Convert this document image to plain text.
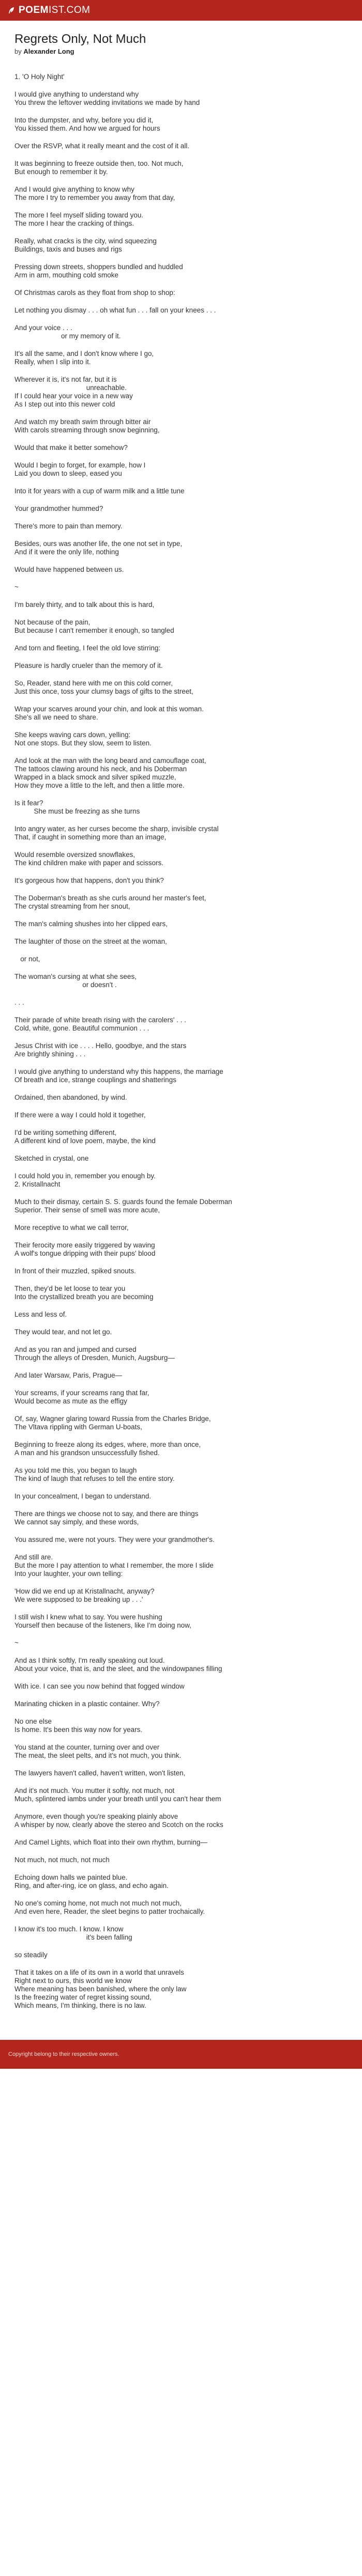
POEM IST.COM
Regrets Only, Not Much
by Alexander Long

1. 'O Holy Night'

I would give anything to understand why
You threw the leftover wedding invitations we made by hand

Into the dumpster, and why, before you did it,
You kissed them. And how we argued for hours

Over the RSVP, what it really meant and the cost of it all.

It was beginning to freeze outside then, too. Not much,
But enough to remember it by.

And I would give anything to know why
The more I try to remember you away from that day,

The more I feel myself sliding toward you.
The more I hear the cracking of things.

Really, what cracks is the city, wind squeezing
Buildings, taxis and buses and rigs

Pressing down streets, shoppers bundled and huddled
Arm in arm, mouthing cold smoke

Of Christmas carols as they float from shop to shop:

Let nothing you dismay . . . oh what fun . . . fall on your knees . . .

And your voice . . .
or my memory of it.

It's all the same, and I don't know where I go,
Really, when I slip into it.

Wherever it is, it's not far, but it is
unreachable.
If I could hear your voice in a new way
As I step out into this newer cold

And watch my breath swim through bitter air
With carols streaming through snow beginning,

Would that make it better somehow?

Would I begin to forget, for example, how I
Laid you down to sleep, eased you

Into it for years with a cup of warm milk and a little tune

Your grandmother hummed?

There's more to pain than memory.

Besides, ours was another life, the one not set in type,
And if it were the only life, nothing

Would have happened between us.

~

I'm barely thirty, and to talk about this is hard,

Not because of the pain,
But because I can't remember it enough, so tangled

And torn and fleeting, I feel the old love stirring:

Pleasure is hardly crueler than the memory of it.

So, Reader, stand here with me on this cold corner,
Just this once, toss your clumsy bags of gifts to the street,

Wrap your scarves around your chin, and look at this woman.
She's all we need to share.

She keeps waving cars down, yelling:
Not one stops. But they slow, seem to listen.

And look at the man with the long beard and camouflage coat,
The tattoos clawing around his neck, and his Doberman
Wrapped in a black smock and silver spiked muzzle,
How they move a little to the left, and then a little more.

Is it fear?
She must be freezing as she turns

Into angry water, as her curses become the sharp, invisible crystal
That, if caught in something more than an image,

Would resemble oversized snowflakes,
The kind children make with paper and scissors.

It's gorgeous how that happens, don't you think?

The Doberman's breath as she curls around her master's feet,
The crystal streaming from her snout,

The man's calming shushes into her clipped ears,

The laughter of those on the street at the woman,

or not,

The woman's cursing at what she sees,
or doesn't .

. . .

Their parade of white breath rising with the carolers' . . .
Cold, white, gone. Beautiful communion . . .

Jesus Christ with ice . . . . Hello, goodbye, and the stars
Are brightly shining . . .

I would give anything to understand why this happens, the marriage
Of breath and ice, strange couplings and shatterings

Ordained, then abandoned, by wind.

If there were a way I could hold it together,

I'd be writing something different,
A different kind of love poem, maybe, the kind

Sketched in crystal, one

I could hold you in, remember you enough by.
2. Kristallnacht

Much to their dismay, certain S. S. guards found the female Doberman
Superior. Their sense of smell was more acute,

More receptive to what we call terror,

Their ferocity more easily triggered by waving
A wolf's tongue dripping with their pups' blood

In front of their muzzled, spiked snouts.

Then, they'd be let loose to tear you
Into the crystallized breath you are becoming

Less and less of.

They would tear, and not let go.

And as you ran and jumped and cursed
Through the alleys of Dresden, Munich, Augsburg—

And later Warsaw, Paris, Prague—

Your screams, if your screams rang that far,
Would become as mute as the effigy

Of, say, Wagner glaring toward Russia from the Charles Bridge,
The Vltava rippling with German U-boats,

Beginning to freeze along its edges, where, more than once,
A man and his grandson unsuccessfully fished.

As you told me this, you began to laugh
The kind of laugh that refuses to tell the entire story.

In your concealment, I began to understand.

There are things we choose not to say, and there are things
We cannot say simply, and these words,

You assured me, were not yours. They were your grandmother's.

And still are.
But the more I pay attention to what I remember, the more I slide
Into your laughter, your own telling:

'How did we end up at Kristallnacht, anyway?
We were supposed to be breaking up . . .'

I still wish I knew what to say. You were hushing
Yourself then because of the listeners, like I'm doing now,

~

And as I think softly, I'm really speaking out loud.
About your voice, that is, and the sleet, and the windowpanes filling

With ice. I can see you now behind that fogged window

Marinating chicken in a plastic container. Why?

No one else
Is home. It's been this way now for years.

You stand at the counter, turning over and over
The meat, the sleet pelts, and it's not much, you think.

The lawyers haven't called, haven't written, won't listen,

And it's not much. You mutter it softly, not much, not
Much, splintered iambs under your breath until you can't hear them

Anymore, even though you're speaking plainly above
A whisper by now, clearly above the stereo and Scotch on the rocks

And Camel Lights, which float into their own rhythm, burning—

Not much, not much, not much

Echoing down halls we painted blue.
Ring, and after-ring, ice on glass, and echo again.

No one's coming home, not much not much not much,
And even here, Reader, the sleet begins to patter trochaically.

I know it's too much. I know. I know
it's been falling

so steadily

That it takes on a life of its own in a world that unravels
Right next to ours, this world we know
Where meaning has been banished, where the only law
Is the freezing water of regret kissing sound,
Which means, I'm thinking, there is no law.

Copyright belong to their respective owners.
